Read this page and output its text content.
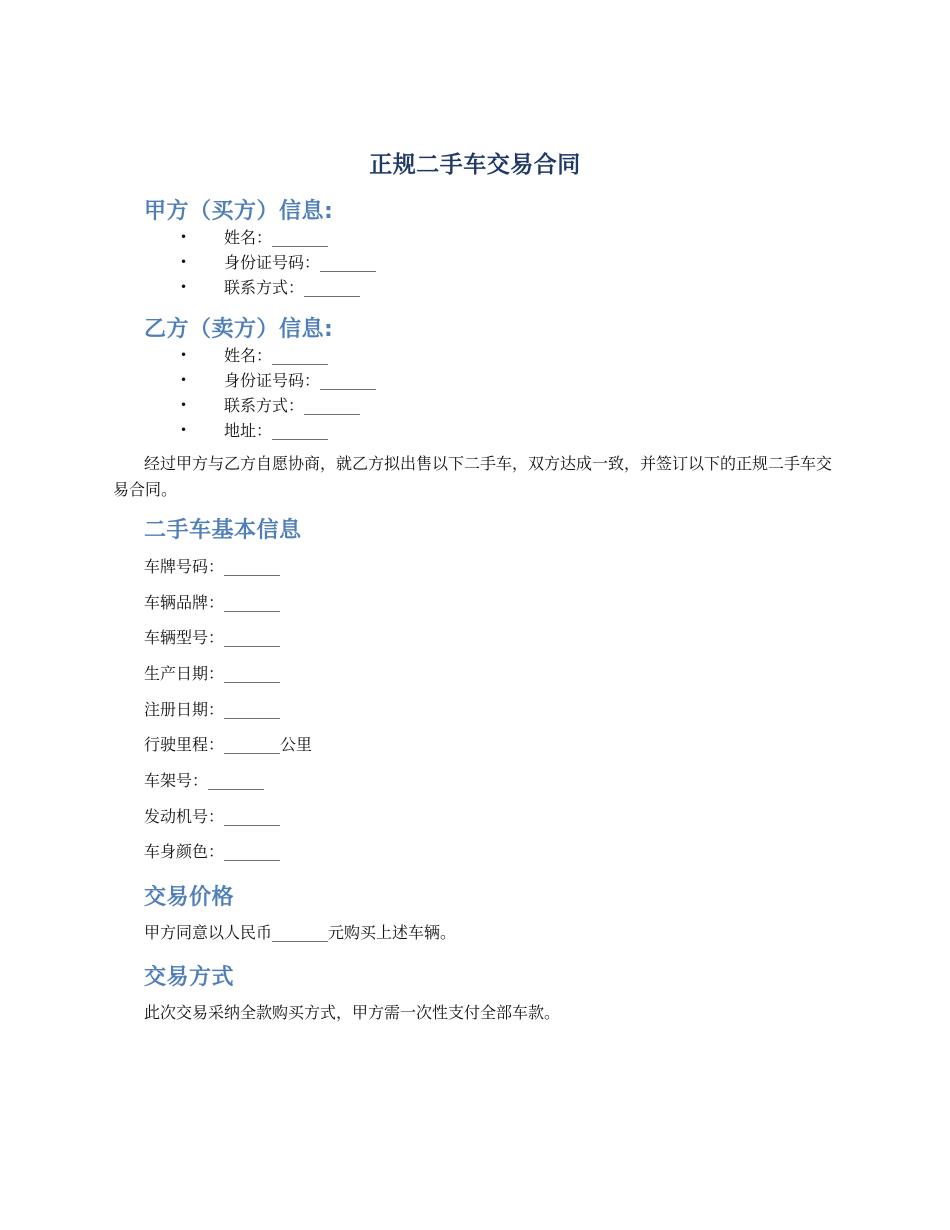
正规二手车交易合同
甲方（买方）信息:
• 姓名：_______
• 身份证号码：_______
• 联系方式：_______
乙方（卖方）信息:
• 姓名：_______
• 身份证号码：_______
• 联系方式：_______
• 地址：_______
经过甲方与乙方自愿协商，就乙方拟出售以下二手车，双方达成一致，并签订以下的正规二手车交易合同。
二手车基本信息
车牌号码：_______
车辆品牌：_______
车辆型号：_______
生产日期：_______
注册日期：_______
行驶里程：_______公里
车架号：_______
发动机号：_______
车身颜色：_______
交易价格
甲方同意以人民币_______元购买上述车辆。
交易方式
此次交易采纳全款购买方式，甲方需一次性支付全部车款。
